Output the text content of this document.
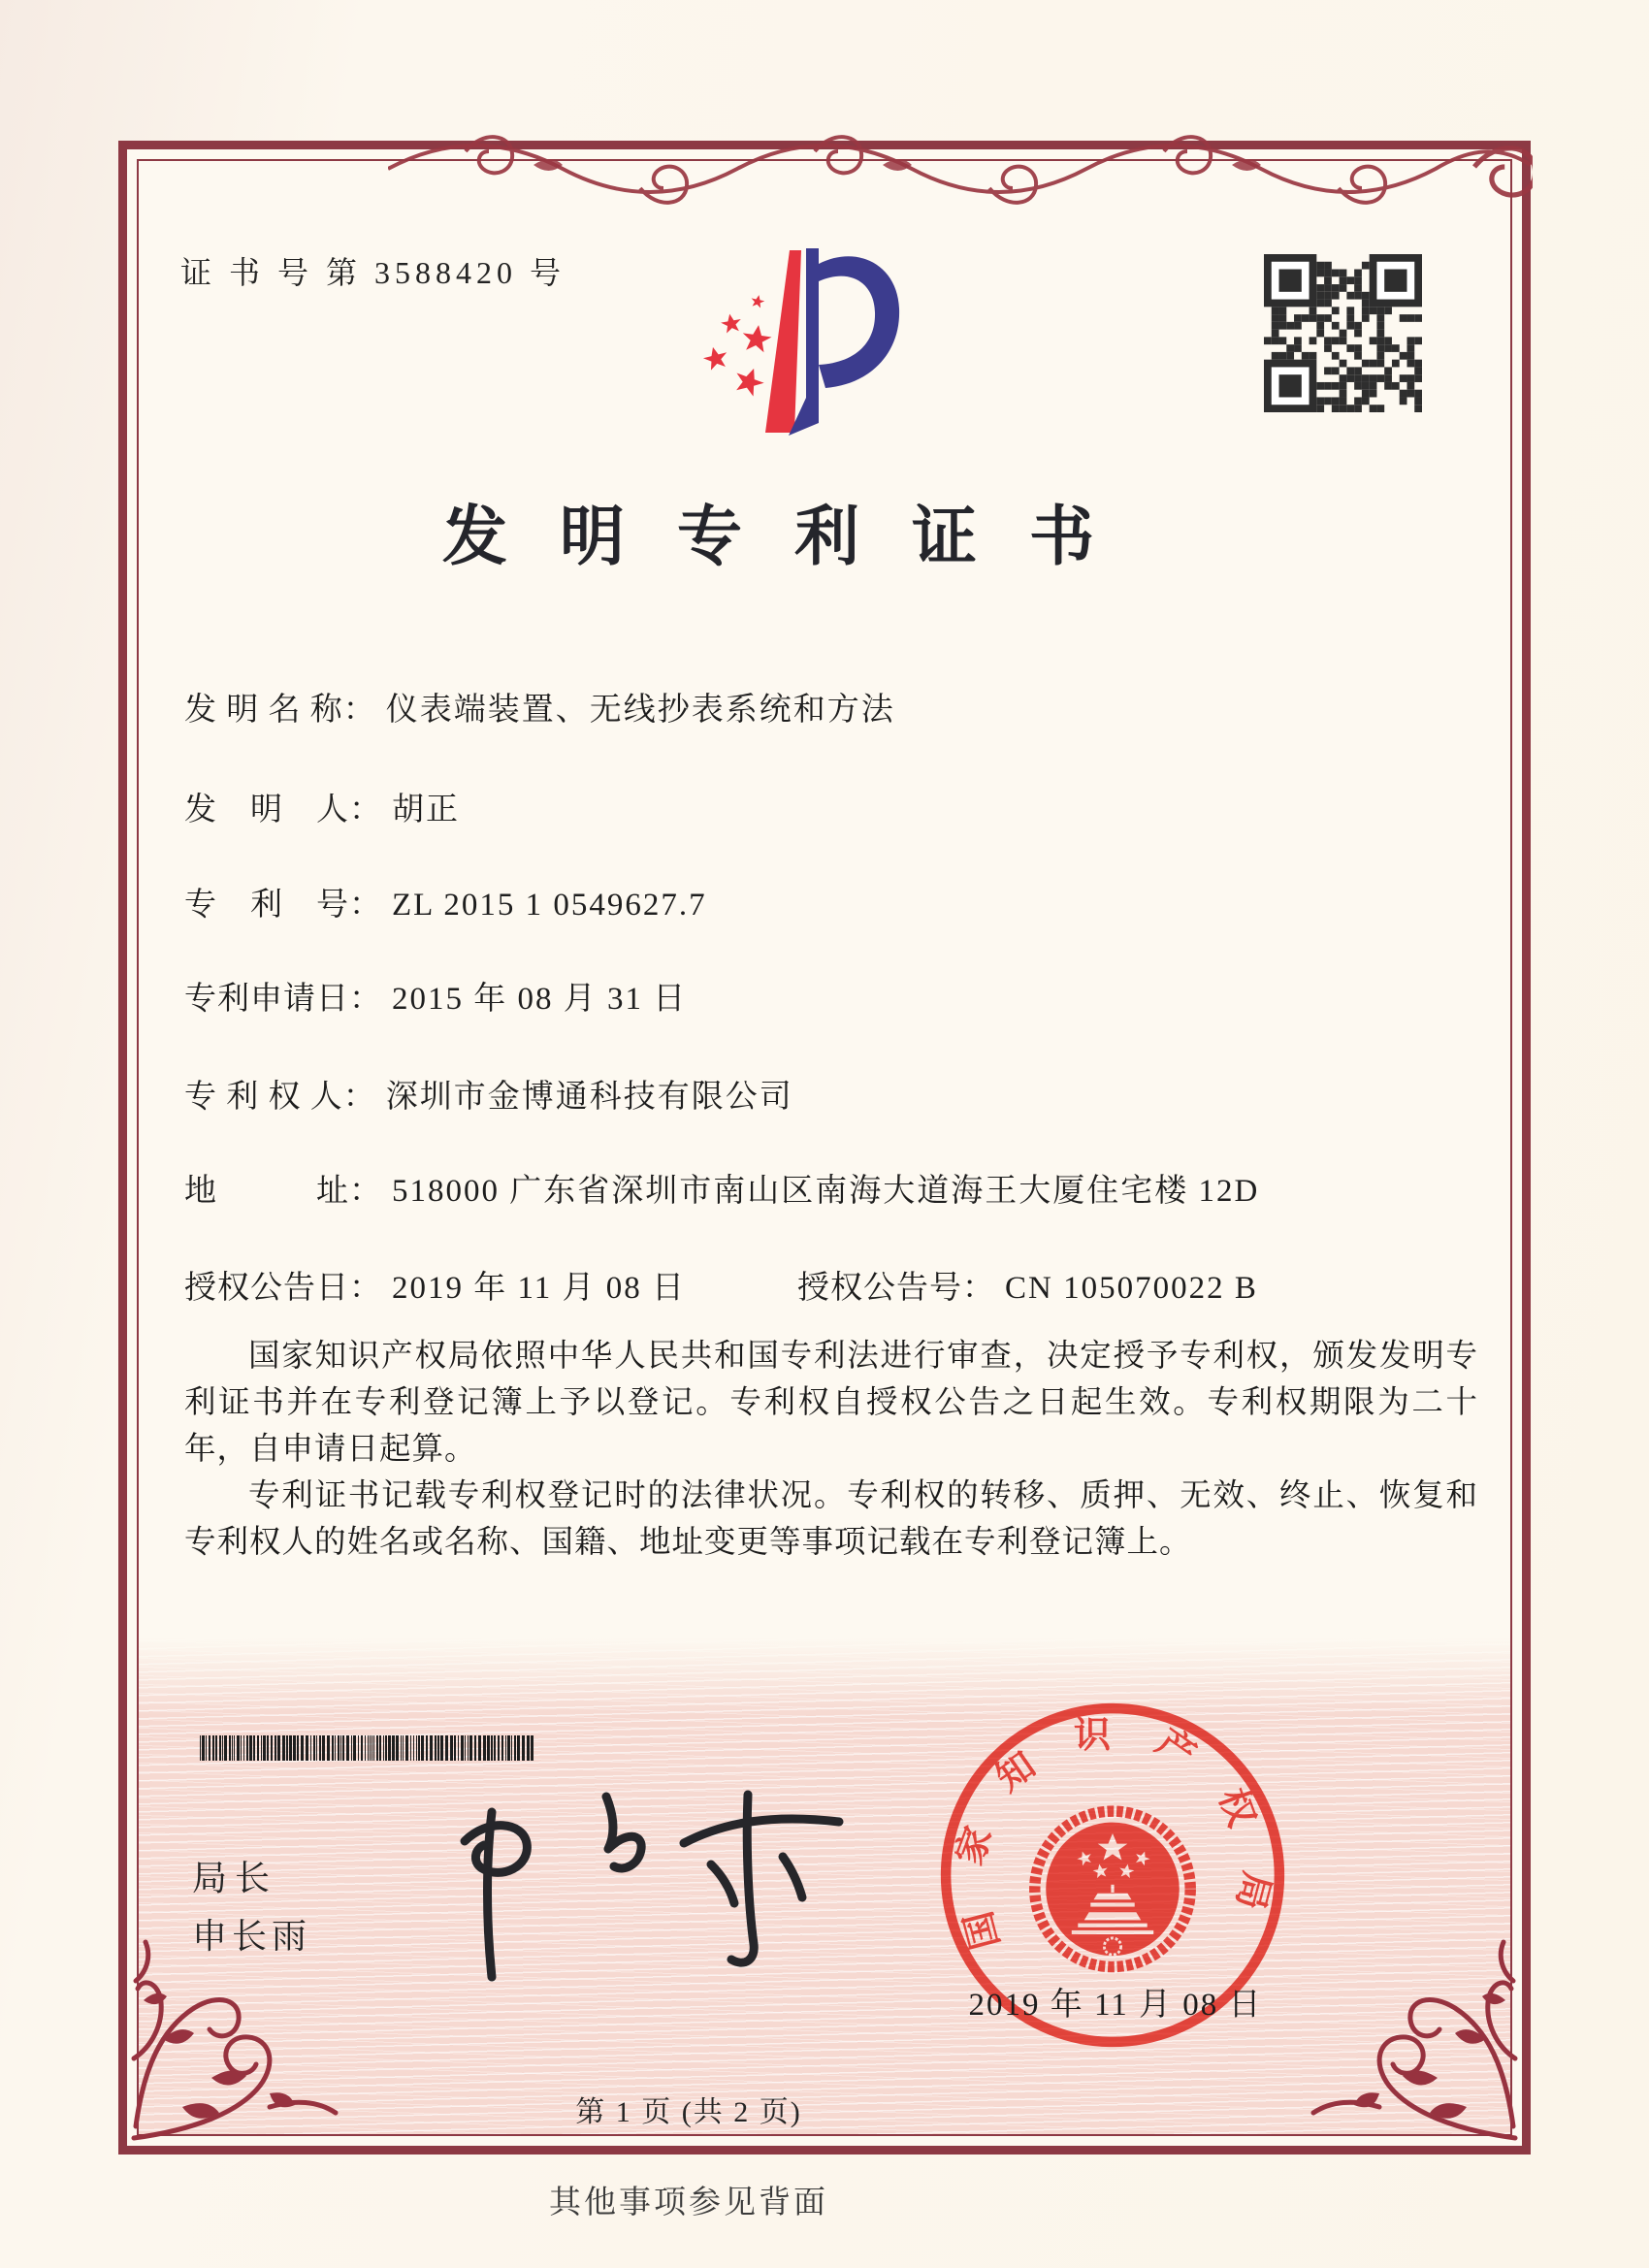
证 书 号 第 3588420 号
发明专利证书
发 明 名 称： 仪表端装置、无线抄表系统和方法
发　明　人： 胡正
专　利　号： ZL 2015 1 0549627.7
专利申请日： 2015 年 08 月 31 日
专 利 权 人： 深圳市金博通科技有限公司
地　　　址： 518000 广东省深圳市南山区南海大道海王大厦住宅楼 12D
授权公告日： 2019 年 11 月 08 日	授权公告号： CN 105070022 B

国家知识产权局依照中华人民共和国专利法进行审查，决定授予专利权，颁发发明专利证书并在专利登记簿上予以登记。专利权自授权公告之日起生效。专利权期限为二十年，自申请日起算。

专利证书记载专利权登记时的法律状况。专利权的转移、质押、无效、终止、恢复和专利权人的姓名或名称、国籍、地址变更等事项记载在专利登记簿上。

局长
申长雨	国家知识产权局
2019 年 11 月 08 日
第 1 页 (共 2 页)
其他事项参见背面
